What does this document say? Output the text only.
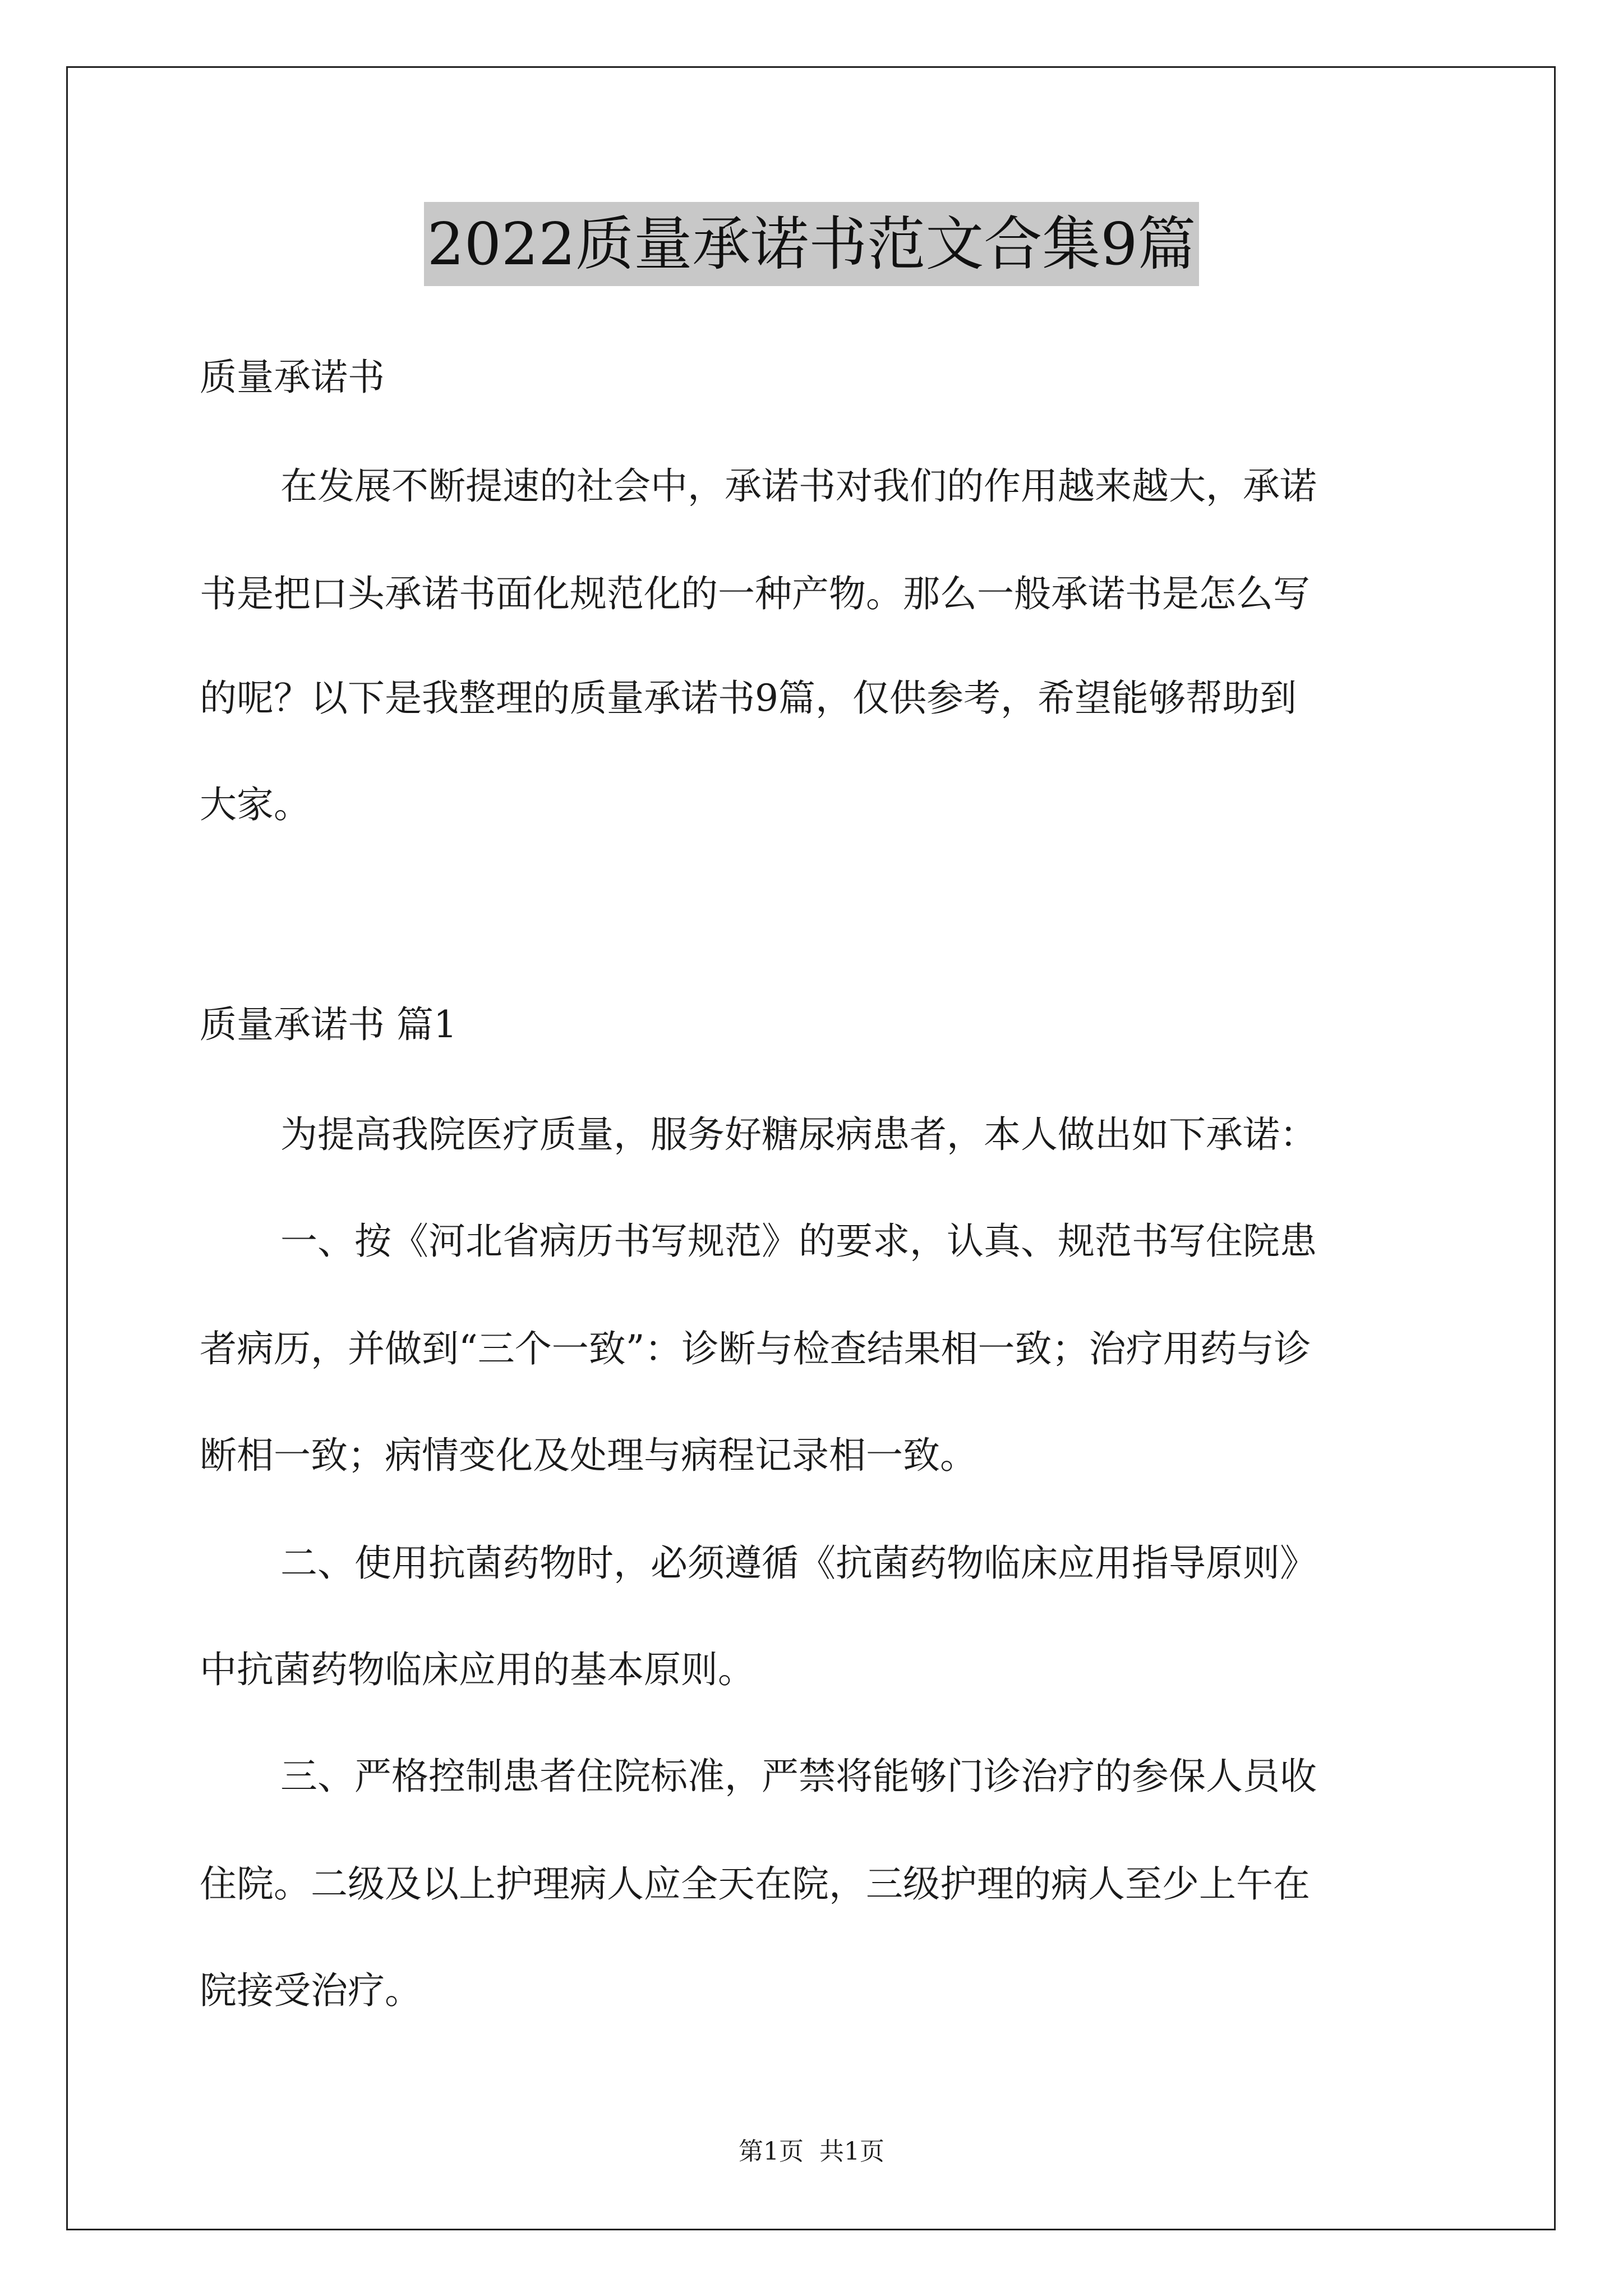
2022质量承诺书范文合集9篇
质量承诺书
在发展不断提速的社会中，承诺书对我们的作用越来越大，承诺
书是把口头承诺书面化规范化的一种产物。那么一般承诺书是怎么写
的呢？以下是我整理的质量承诺书9篇，仅供参考，希望能够帮助到
大家。
质量承诺书 篇1
为提高我院医疗质量，服务好糖尿病患者，本人做出如下承诺：
一、按《河北省病历书写规范》的要求，认真、规范书写住院患
者病历，并做到“三个一致”：诊断与检查结果相一致；治疗用药与诊
断相一致；病情变化及处理与病程记录相一致。
二、使用抗菌药物时，必须遵循《抗菌药物临床应用指导原则》
中抗菌药物临床应用的基本原则。
三、严格控制患者住院标准，严禁将能够门诊治疗的参保人员收
住院。二级及以上护理病人应全天在院，三级护理的病人至少上午在
院接受治疗。
第1页 共1页
